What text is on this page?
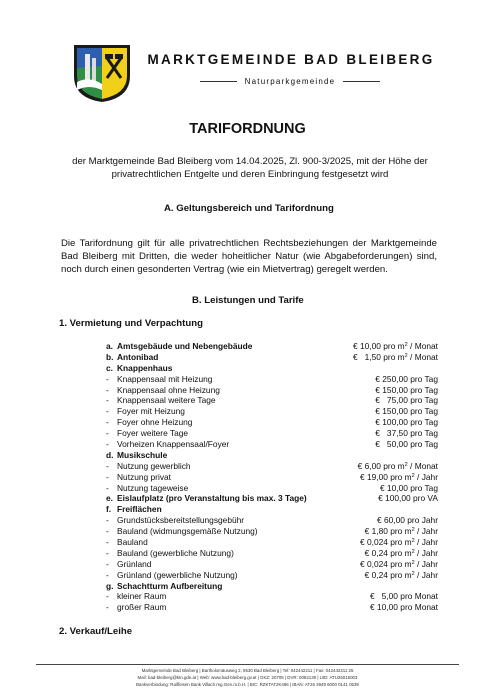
MARKTGEMEINDE BAD BLEIBERG
Naturparkgemeinde
TARIFORDNUNG
der Marktgemeinde Bad Bleiberg vom 14.04.2025, Zl. 900-3/2025, mit der Höhe der privatrechtlichen Entgelte und deren Einbringung festgesetzt wird
A. Geltungsbereich und Tarifordnung
Die Tarifordnung gilt für alle privatrechtlichen Rechtsbeziehungen der Marktgemeinde Bad Bleiberg mit Dritten, die weder hoheitlicher Natur (wie Abgabeforderungen) sind, noch durch einen gesonderten Vertrag (wie ein Mietvertrag) geregelt werden.
B. Leistungen und Tarife
1. Vermietung und Verpachtung
a. Amtsgebäude und Nebengebäude	€ 10,00 pro $m^2$ / Monat
b. Antonibad	€   1,50 pro $m^2$ / Monat
c. Knappenhaus
- Knappensaal mit Heizung	€ 250,00 pro Tag
- Knappensaal ohne Heizung	€ 150,00 pro Tag
- Knappensaal weitere Tage	€   75,00 pro Tag
- Foyer mit Heizung	€ 150,00 pro Tag
- Foyer ohne Heizung	€ 100,00 pro Tag
- Foyer weitere Tage	€   37,50 pro Tag
- Vorheizen Knappensaal/Foyer	€   50,00 pro Tag
d. Musikschule
- Nutzung gewerblich	€ 6,00 pro $m^2$ / Monat
- Nutzung privat	€ 19,00 pro $m^2$ / Jahr
- Nutzung tageweise	€ 10,00 pro Tag
e. Eislaufplatz (pro Veranstaltung bis max. 3 Tage)	€ 100,00 pro VA
f. Freiflächen
- Grundstücksbereitstellungsgebühr	€ 60,00 pro Jahr
- Bauland (widmungsgemäße Nutzung)	€ 1,80 pro $m^2$ / Jahr
- Bauland	€ 0,024 pro $m^2$ / Jahr
- Bauland (gewerbliche Nutzung)	€ 0,24 pro $m^2$ / Jahr
- Grünland	€ 0,024 pro $m^2$ / Jahr
- Grünland (gewerbliche Nutzung)	€ 0,24 pro $m^2$ / Jahr
g. Schachtturm Aufbereitung
- kleiner Raum	€   5,00 pro Monat
- großer Raum	€ 10,00 pro Monat
2. Verkauf/Leihe
Marktgemeinde Bad Bleiberg | Bartholomäusweg 2, 9530 Bad Bleiberg | Tel: 042442211 | Fax: 042442211 25
Mail: bad-bleiberg@ktn.gde.at | Web: www.bad-bleiberg.gv.at | GKZ: 20705 | DVR: 0082139 | UID: ATU26016003
Bankverbindung: Raiffeisen Bank Villach reg.Gen.m.b.H. | BIC: RZKTAT2K496 | IBAN: AT26 3949 6000 0141 0539
